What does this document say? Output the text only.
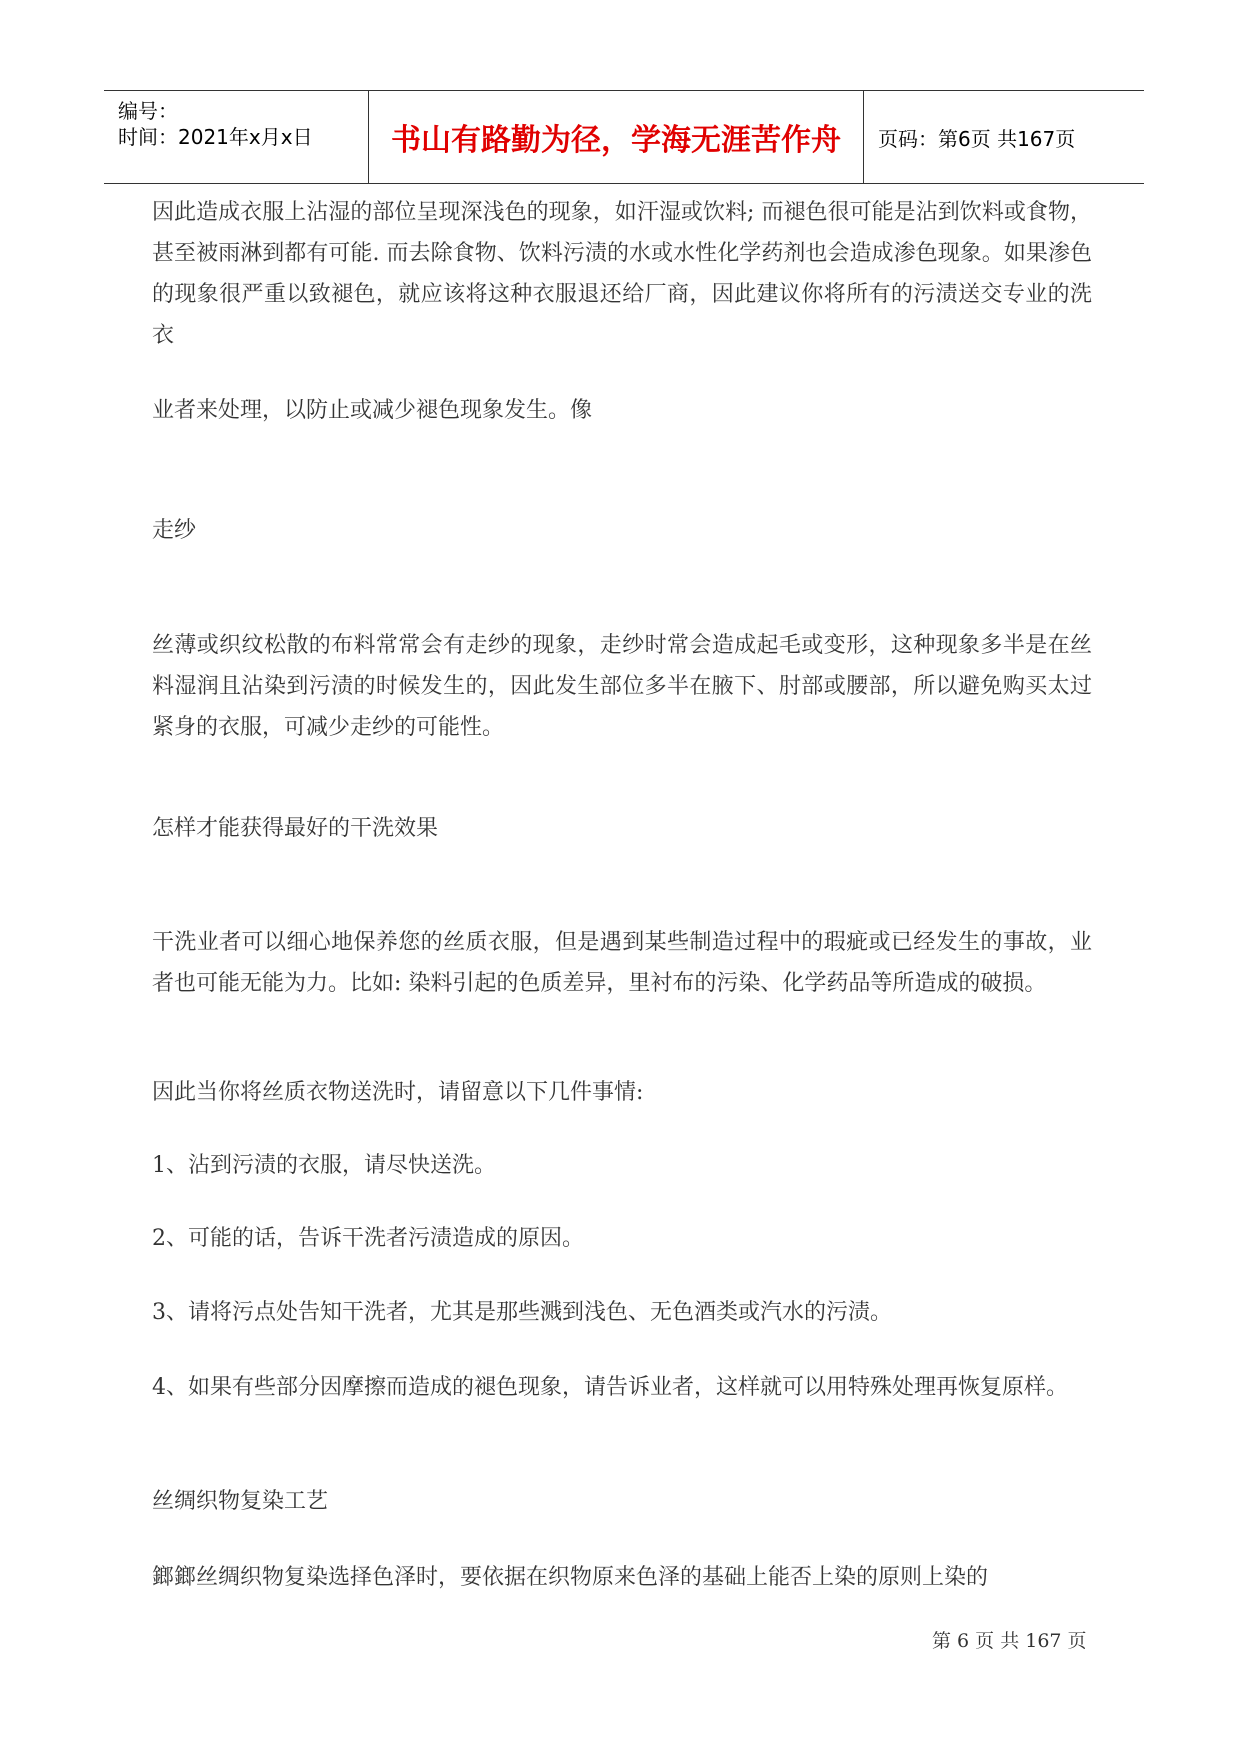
编号：
时间：2021年x月x日	书山有路勤为径，学海无涯苦作舟 页码：第6页 共167页

因此造成衣服上沾湿的部位呈现深浅色的现象，如汗湿或饮料; 而褪色很可能是沾到饮料或食物，甚至被雨淋到都有可能. 而去除食物、饮料污渍的水或水性化学药剂也会造成渗色现象。如果渗色的现象很严重以致褪色，就应该将这种衣服退还给厂商，因此建议你将所有的污渍送交专业的洗衣

业者来处理，以防止或减少褪色现象发生。像

走纱

丝薄或织纹松散的布料常常会有走纱的现象，走纱时常会造成起毛或变形，这种现象多半是在丝料湿润且沾染到污渍的时候发生的，因此发生部位多半在腋下、肘部或腰部，所以避免购买太过紧身的衣服，可减少走纱的可能性。

怎样才能获得最好的干洗效果

干洗业者可以细心地保养您的丝质衣服，但是遇到某些制造过程中的瑕疵或已经发生的事故，业者也可能无能为力。比如: 染料引起的色质差异，里衬布的污染、化学药品等所造成的破损。

因此当你将丝质衣物送洗时，请留意以下几件事情:

1、沾到污渍的衣服，请尽快送洗。

2、可能的话，告诉干洗者污渍造成的原因。

3、请将污点处告知干洗者，尤其是那些溅到浅色、无色酒类或汽水的污渍。

4、如果有些部分因摩擦而造成的褪色现象，请告诉业者，这样就可以用特殊处理再恢复原样。

丝绸织物复染工艺

鎯鎯丝绸织物复染选择色泽时，要依据在织物原来色泽的基础上能否上染的原则上染的

第 6 页 共 167 页
